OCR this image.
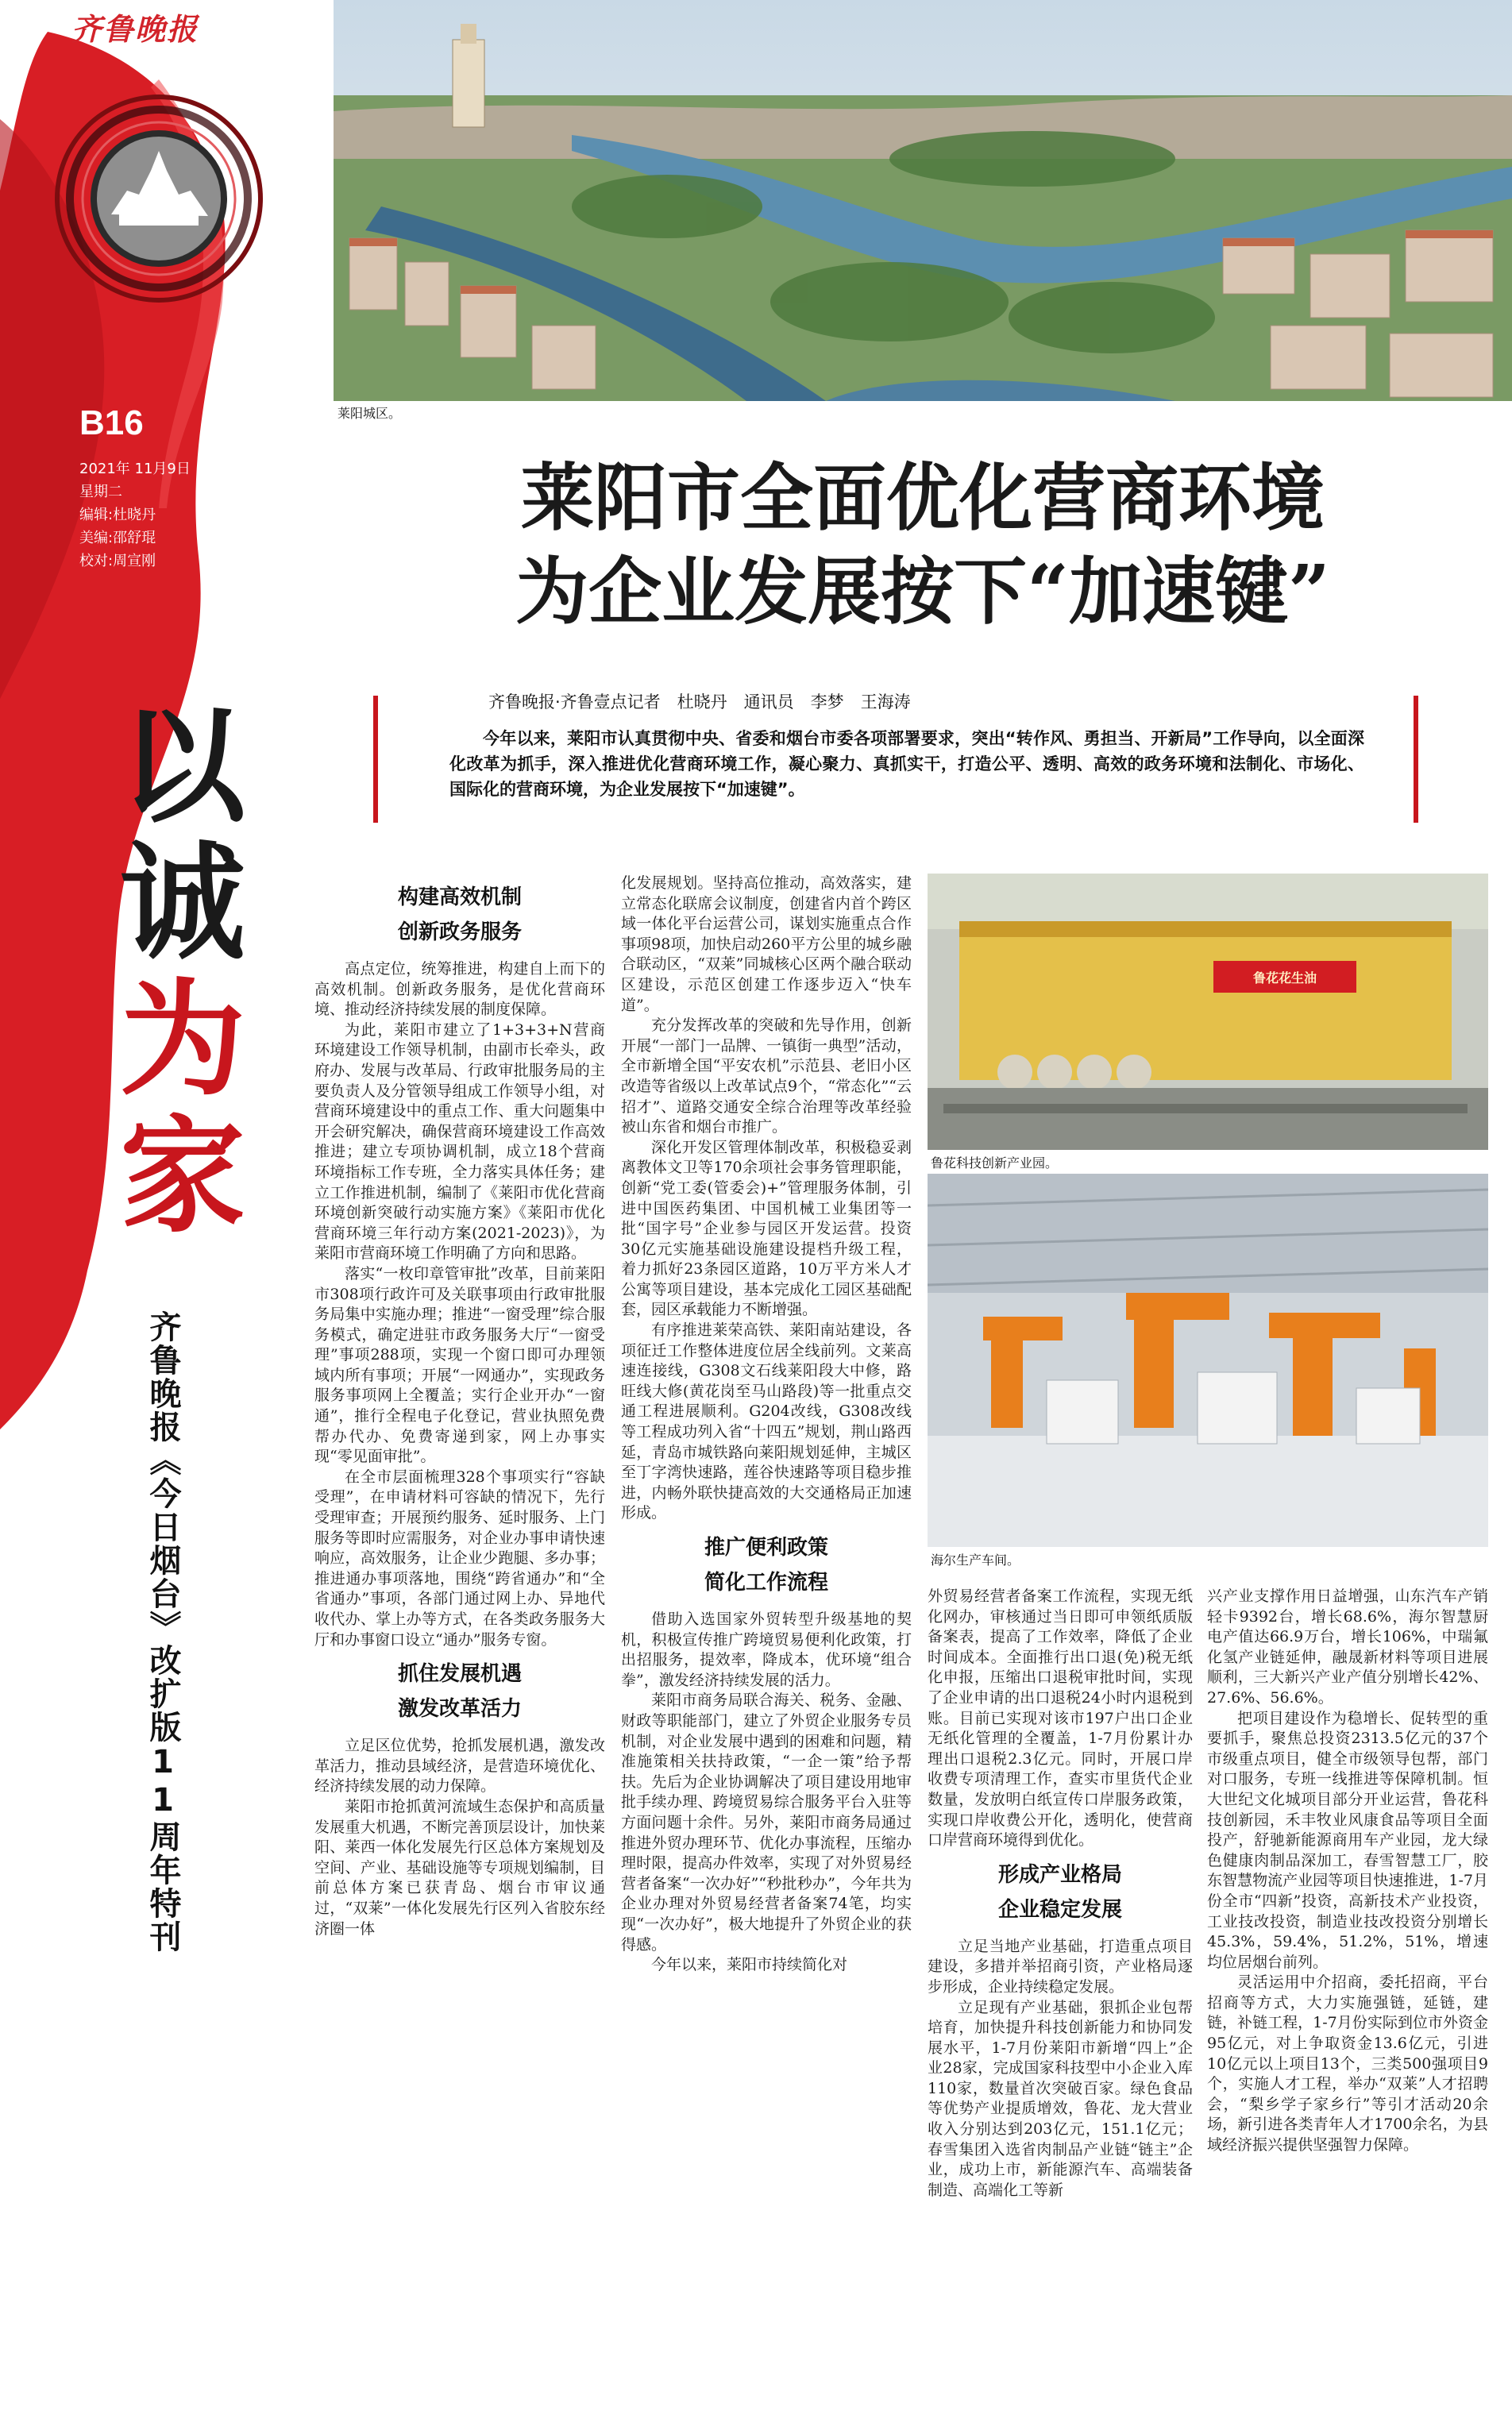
齐鲁晚报
B16
2021年 11月9日
星期二
编辑:杜晓丹
美编:邵舒琨
校对:周宣刚
以
诚
为
家
齐鲁晚报《今日烟台》改扩版11周年特刊
莱阳城区。
莱阳市全面优化营商环境
为企业发展按下“加速键”
齐鲁晚报·齐鲁壹点记者　杜晓丹　通讯员　李梦　王海涛
今年以来，莱阳市认真贯彻中央、省委和烟台市委各项部署要求，突出“转作风、勇担当、开新局”工作导向，以全面深化改革为抓手，深入推进优化营商环境工作，凝心聚力、真抓实干，打造公平、透明、高效的政务环境和法制化、市场化、国际化的营商环境，为企业发展按下“加速键”。
构建高效机制
创新政务服务

高点定位，统筹推进，构建自上而下的高效机制。创新政务服务，是优化营商环境、推动经济持续发展的制度保障。

为此，莱阳市建立了1+3+3+N营商环境建设工作领导机制，由副市长牵头，政府办、发展与改革局、行政审批服务局的主要负责人及分管领导组成工作领导小组，对营商环境建设中的重点工作、重大问题集中开会研究解决，确保营商环境建设工作高效推进；建立专项协调机制，成立18个营商环境指标工作专班，全力落实具体任务；建立工作推进机制，编制了《莱阳市优化营商环境创新突破行动实施方案》《莱阳市优化营商环境三年行动方案(2021-2023)》，为莱阳市营商环境工作明确了方向和思路。

落实“一枚印章管审批”改革，目前莱阳市308项行政许可及关联事项由行政审批服务局集中实施办理；推进“一窗受理”综合服务模式，确定进驻市政务服务大厅“一窗受理”事项288项，实现一个窗口即可办理领域内所有事项；开展“一网通办”，实现政务服务事项网上全覆盖；实行企业开办“一窗通”，推行全程电子化登记，营业执照免费帮办代办、免费寄递到家，网上办事实现“零见面审批”。

在全市层面梳理328个事项实行“容缺受理”，在申请材料可容缺的情况下，先行受理审查；开展预约服务、延时服务、上门服务等即时应需服务，对企业办事申请快速响应，高效服务，让企业少跑腿、多办事；推进通办事项落地，围绕“跨省通办”和“全省通办”事项，各部门通过网上办、异地代收代办、掌上办等方式，在各类政务服务大厅和办事窗口设立“通办”服务专窗。

抓住发展机遇
激发改革活力

立足区位优势，抢抓发展机遇，激发改革活力，推动县域经济，是营造环境优化、经济持续发展的动力保障。

莱阳市抢抓黄河流域生态保护和高质量发展重大机遇，不断完善顶层设计，加快莱阳、莱西一体化发展先行区总体方案规划及空间、产业、基础设施等专项规划编制，目前总体方案已获青岛、烟台市审议通过，“双莱”一体化发展先行区列入省胶东经济圈一体

化发展规划。坚持高位推动，高效落实，建立常态化联席会议制度，创建省内首个跨区域一体化平台运营公司，谋划实施重点合作事项98项，加快启动260平方公里的城乡融合联动区，“双莱”同城核心区两个融合联动区建设，示范区创建工作逐步迈入“快车道”。

充分发挥改革的突破和先导作用，创新开展“一部门一品牌、一镇街一典型”活动，全市新增全国“平安农机”示范县、老旧小区改造等省级以上改革试点9个，“常态化”“云招才”、道路交通安全综合治理等改革经验被山东省和烟台市推广。

深化开发区管理体制改革，积极稳妥剥离教体文卫等170余项社会事务管理职能，创新“党工委(管委会)+”管理服务体制，引进中国医药集团、中国机械工业集团等一批“国字号”企业参与园区开发运营。投资30亿元实施基础设施建设提档升级工程，着力抓好23条园区道路，10万平方米人才公寓等项目建设，基本完成化工园区基础配套，园区承载能力不断增强。

有序推进莱荣高铁、莱阳南站建设，各项征迁工作整体进度位居全线前列。文莱高速连接线，G308文石线莱阳段大中修，路旺线大修(黄花岗至马山路段)等一批重点交通工程进展顺利。G204改线，G308改线等工程成功列入省“十四五”规划，荆山路西延，青岛市城铁路向莱阳规划延伸，主城区至丁字湾快速路，莲谷快速路等项目稳步推进，内畅外联快捷高效的大交通格局正加速形成。

推广便利政策
简化工作流程

借助入选国家外贸转型升级基地的契机，积极宣传推广跨境贸易便利化政策，打出招服务，提效率，降成本，优环境“组合拳”，激发经济持续发展的活力。

莱阳市商务局联合海关、税务、金融、财政等职能部门，建立了外贸企业服务专员机制，对企业发展中遇到的困难和问题，精准施策相关扶持政策，“一企一策”给予帮扶。先后为企业协调解决了项目建设用地审批手续办理、跨境贸易综合服务平台入驻等方面问题十余件。另外，莱阳市商务局通过推进外贸办理环节、优化办事流程，压缩办理时限，提高办件效率，实现了对外贸易经营者备案“一次办好”“秒批秒办”，今年共为企业办理对外贸易经营者备案74笔，均实现“一次办好”，极大地提升了外贸企业的获得感。

今年以来，莱阳市持续简化对

鲁花花生油
鲁花科技创新产业园。
海尔生产车间。

外贸易经营者备案工作流程，实现无纸化网办，审核通过当日即可申领纸质版备案表，提高了工作效率，降低了企业时间成本。全面推行出口退(免)税无纸化申报，压缩出口退税审批时间，实现了企业申请的出口退税24小时内退税到账。目前已实现对该市197户出口企业无纸化管理的全覆盖，1-7月份累计办理出口退税2.3亿元。同时，开展口岸收费专项清理工作，查实市里货代企业数量，发放明白纸宣传口岸服务政策，实现口岸收费公开化，透明化，使营商口岸营商环境得到优化。

形成产业格局
企业稳定发展

立足当地产业基础，打造重点项目建设，多措并举招商引资，产业格局逐步形成，企业持续稳定发展。

立足现有产业基础，狠抓企业包帮培育，加快提升科技创新能力和协同发展水平，1-7月份莱阳市新增“四上”企业28家，完成国家科技型中小企业入库110家，数量首次突破百家。绿色食品等优势产业提质增效，鲁花、龙大营业收入分别达到203亿元，151.1亿元；春雪集团入选省肉制品产业链“链主”企业，成功上市，新能源汽车、高端装备制造、高端化工等新

兴产业支撑作用日益增强，山东汽车产销轻卡9392台，增长68.6%，海尔智慧厨电产值达66.9万台，增长106%，中瑞氟化氢产业链延伸，融晟新材料等项目进展顺利，三大新兴产业产值分别增长42%、27.6%、56.6%。

把项目建设作为稳增长、促转型的重要抓手，聚焦总投资2313.5亿元的37个市级重点项目，健全市级领导包帮，部门对口服务，专班一线推进等保障机制。恒大世纪文化城项目部分开业运营，鲁花科技创新园，禾丰牧业风康食品等项目全面投产，舒驰新能源商用车产业园，龙大绿色健康肉制品深加工，春雪智慧工厂，胶东智慧物流产业园等项目快速推进，1-7月份全市“四新”投资，高新技术产业投资，工业技改投资，制造业技改投资分别增长45.3%，59.4%，51.2%，51%，增速均位居烟台前列。

灵活运用中介招商，委托招商，平台招商等方式，大力实施强链，延链，建链，补链工程，1-7月份实际到位市外资金95亿元，对上争取资金13.6亿元，引进10亿元以上项目13个，三类500强项目9个，实施人才工程，举办“双莱”人才招聘会，“梨乡学子家乡行”等引才活动20余场，新引进各类青年人才1700余名，为县域经济振兴提供坚强智力保障。
